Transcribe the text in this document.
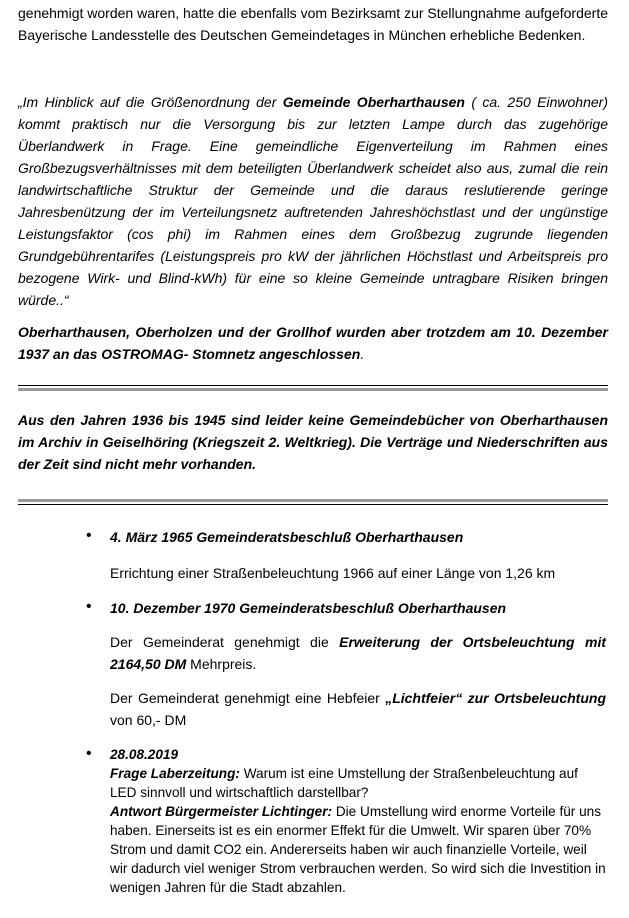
genehmigt worden waren, hatte die ebenfalls vom Bezirksamt zur Stellungnahme aufgeforderte Bayerische Landesstelle des Deutschen Gemeindetages in München erhebliche Bedenken.

„Im Hinblick auf die Größenordnung der Gemeinde Oberharthausen ( ca. 250 Einwohner) kommt praktisch nur die Versorgung bis zur letzten Lampe durch das zugehörige Überlandwerk in Frage. Eine gemeindliche Eigenverteilung im Rahmen eines Großbezugsverhältnisses mit dem beteiligten Überlandwerk scheidet also aus, zumal die rein landwirtschaftliche Struktur der Gemeinde und die daraus reslutierende geringe Jahresbenützung der im Verteilungsnetz auftretenden Jahreshöchstlast und der ungünstige Leistungsfaktor (cos phi) im Rahmen eines dem Großbezug zugrunde liegenden Grundgebührentarifes (Leistungspreis pro kW der jährlichen Höchstlast und Arbeitspreis pro bezogene Wirk- und Blind-kWh) für eine so kleine Gemeinde untragbare Risiken bringen würde..“

Oberharthausen, Oberholzen und der Grollhof wurden aber trotzdem am 10. Dezember 1937 an das OSTROMAG- Stomnetz angeschlossen.

Aus den Jahren 1936 bis 1945 sind leider keine Gemeindebücher von Oberharthausen im Archiv in Geiselhöring (Kriegszeit 2. Weltkrieg). Die Verträge und Niederschriften aus der Zeit sind nicht mehr vorhanden.

• 4. März 1965 Gemeinderatsbeschluß Oberharthausen

Errichtung einer Straßenbeleuchtung 1966 auf einer Länge von 1,26 km

• 10. Dezember 1970 Gemeinderatsbeschluß Oberharthausen

Der Gemeinderat genehmigt die Erweiterung der Ortsbeleuchtung mit 2164,50 DM Mehrpreis.

Der Gemeinderat genehmigt eine Hebfeier „Lichtfeier“ zur Ortsbeleuchtung von 60,- DM

• 28.08.2019

Frage Laberzeitung: Warum ist eine Umstellung der Straßenbeleuchtung auf LED sinnvoll und wirtschaftlich darstellbar?

Antwort Bürgermeister Lichtinger: Die Umstellung wird enorme Vorteile für uns haben. Einerseits ist es ein enormer Effekt für die Umwelt. Wir sparen über 70% Strom und damit CO2 ein. Andererseits haben wir auch finanzielle Vorteile, weil wir dadurch viel weniger Strom verbrauchen werden. So wird sich die Investition in wenigen Jahren für die Stadt abzahlen.
